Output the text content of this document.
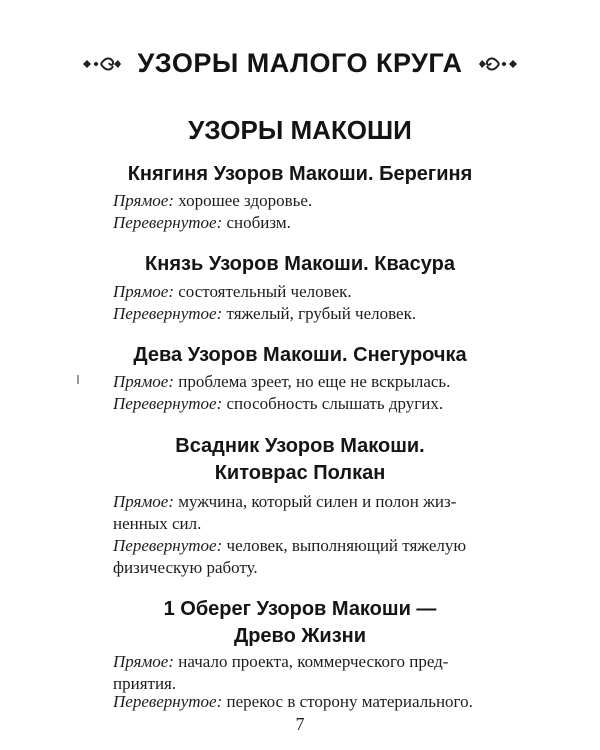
УЗОРЫ МАЛОГО КРУГА
УЗОРЫ МАКОШИ
Княгиня Узоров Макоши. Берегиня
Прямое: хорошее здоровье.
Перевернутое: снобизм.
Князь Узоров Макоши. Квасура
Прямое: состоятельный человек.
Перевернутое: тяжелый, грубый человек.
Дева Узоров Макоши. Снегурочка
Прямое: проблема зреет, но еще не вскрылась.
Перевернутое: способность слышать других.
Всадник Узоров Макоши.
Китоврас Полкан
Прямое: мужчина, который силен и полон жиз-
ненных сил.
Перевернутое: человек, выполняющий тяжелую
физическую работу.
1 Оберег Узоров Макоши —
Древо Жизни
Прямое: начало проекта, коммерческого пред-
приятия.
Перевернутое: перекос в сторону материального.
7
